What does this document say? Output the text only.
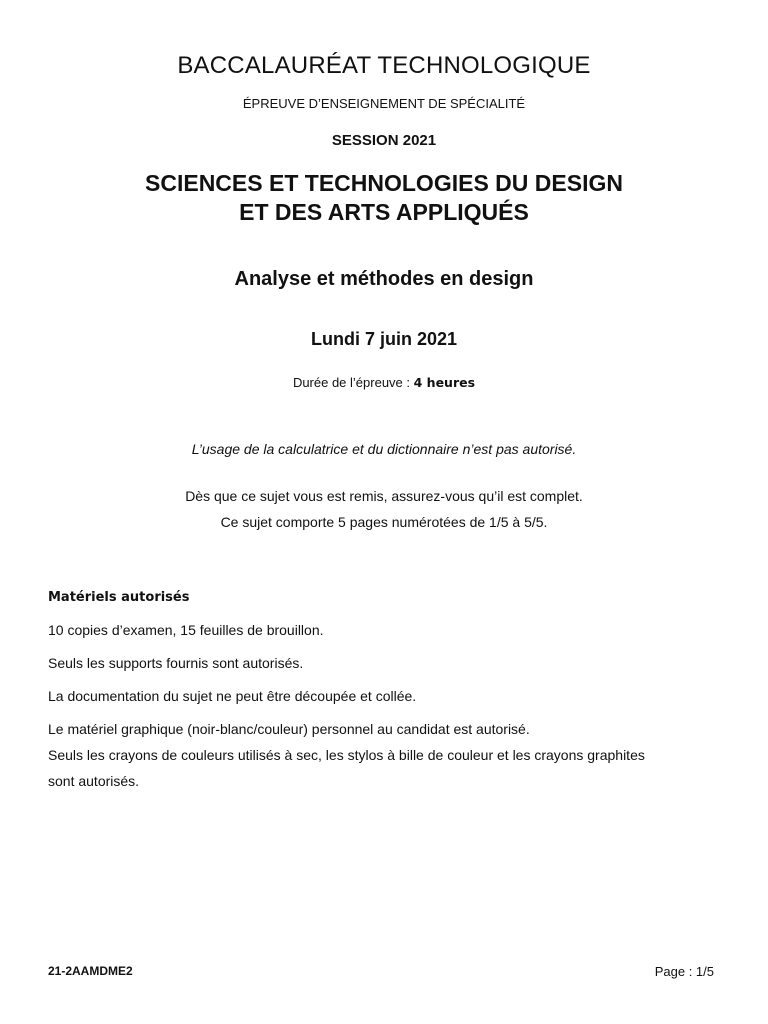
BACCALAURÉAT TECHNOLOGIQUE
ÉPREUVE D’ENSEIGNEMENT DE SPÉCIALITÉ
SESSION 2021
SCIENCES ET TECHNOLOGIES DU DESIGN
ET DES ARTS APPLIQUÉS
Analyse et méthodes en design
Lundi 7 juin 2021
Durée de l’épreuve : 4 heures
L’usage de la calculatrice et du dictionnaire n’est pas autorisé.
Dès que ce sujet vous est remis, assurez-vous qu’il est complet.
Ce sujet comporte 5 pages numérotées de 1/5 à 5/5.
Matériels autorisés
10 copies d’examen, 15 feuilles de brouillon.
Seuls les supports fournis sont autorisés.
La documentation du sujet ne peut être découpée et collée.
Le matériel graphique (noir-blanc/couleur) personnel au candidat est autorisé.
Seuls les crayons de couleurs utilisés à sec, les stylos à bille de couleur et les crayons graphites
sont autorisés.
21-2AAMDME2	Page : 1/5
